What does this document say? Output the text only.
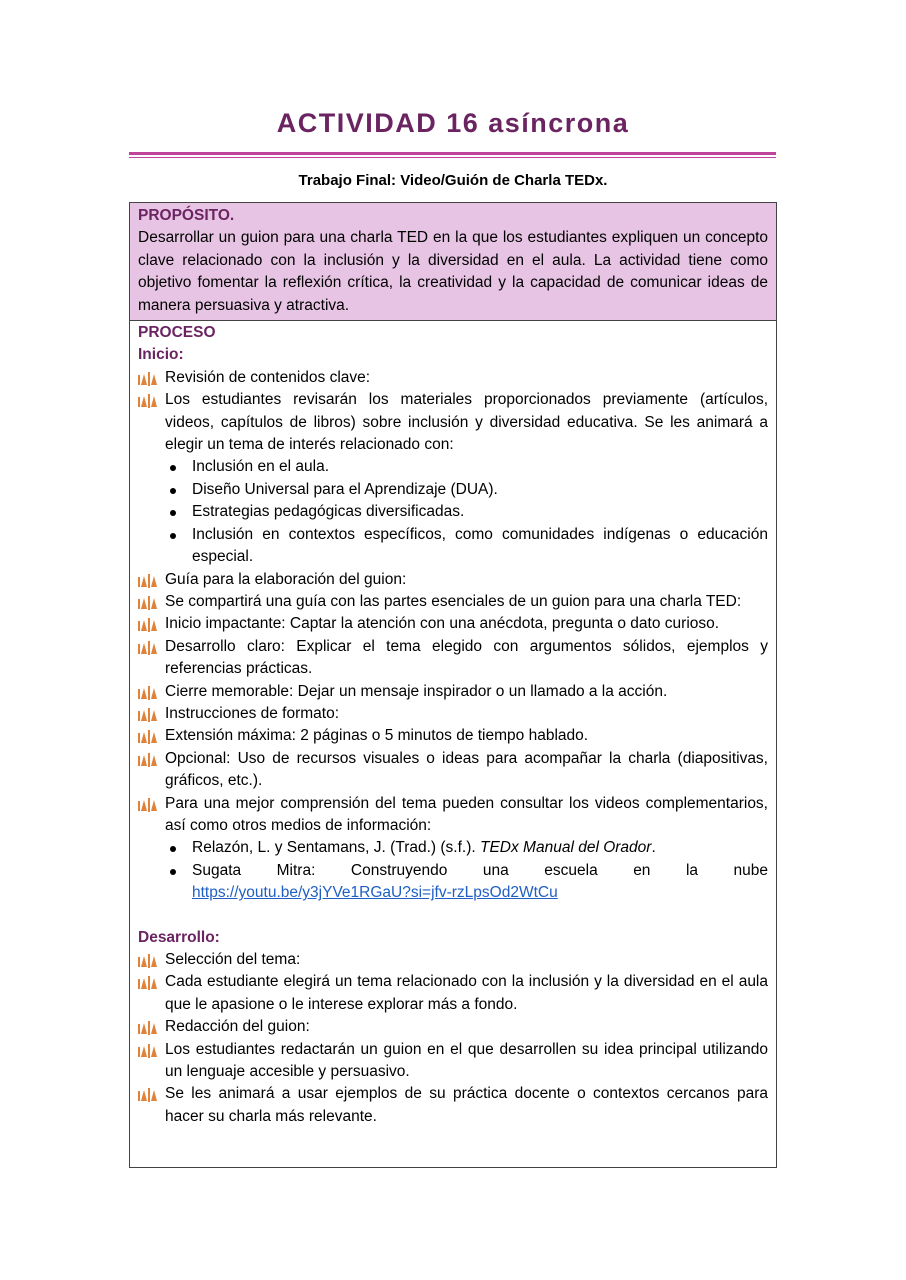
ACTIVIDAD 16 asíncrona
Trabajo Final: Video/Guión de Charla TEDx.
PROPÓSITO.
Desarrollar un guion para una charla TED en la que los estudiantes expliquen un concepto clave relacionado con la inclusión y la diversidad en el aula. La actividad tiene como objetivo fomentar la reflexión crítica, la creatividad y la capacidad de comunicar ideas de manera persuasiva y atractiva.
PROCESO
Inicio:
Revisión de contenidos clave:
Los estudiantes revisarán los materiales proporcionados previamente (artículos, videos, capítulos de libros) sobre inclusión y diversidad educativa. Se les animará a elegir un tema de interés relacionado con:
Inclusión en el aula.
Diseño Universal para el Aprendizaje (DUA).
Estrategias pedagógicas diversificadas.
Inclusión en contextos específicos, como comunidades indígenas o educación especial.
Guía para la elaboración del guion:
Se compartirá una guía con las partes esenciales de un guion para una charla TED:
Inicio impactante: Captar la atención con una anécdota, pregunta o dato curioso.
Desarrollo claro: Explicar el tema elegido con argumentos sólidos, ejemplos y referencias prácticas.
Cierre memorable: Dejar un mensaje inspirador o un llamado a la acción.
Instrucciones de formato:
Extensión máxima: 2 páginas o 5 minutos de tiempo hablado.
Opcional: Uso de recursos visuales o ideas para acompañar la charla (diapositivas, gráficos, etc.).
Para una mejor comprensión del tema pueden consultar los videos complementarios, así como otros medios de información:
Relazón, L. y Sentamans, J. (Trad.) (s.f.). TEDx Manual del Orador.
Sugata Mitra: Construyendo una escuela en la nube
https://youtu.be/y3jYVe1RGaU?si=jfv-rzLpsOd2WtCu
Desarrollo:
Selección del tema:
Cada estudiante elegirá un tema relacionado con la inclusión y la diversidad en el aula que le apasione o le interese explorar más a fondo.
Redacción del guion:
Los estudiantes redactarán un guion en el que desarrollen su idea principal utilizando un lenguaje accesible y persuasivo.
Se les animará a usar ejemplos de su práctica docente o contextos cercanos para hacer su charla más relevante.
